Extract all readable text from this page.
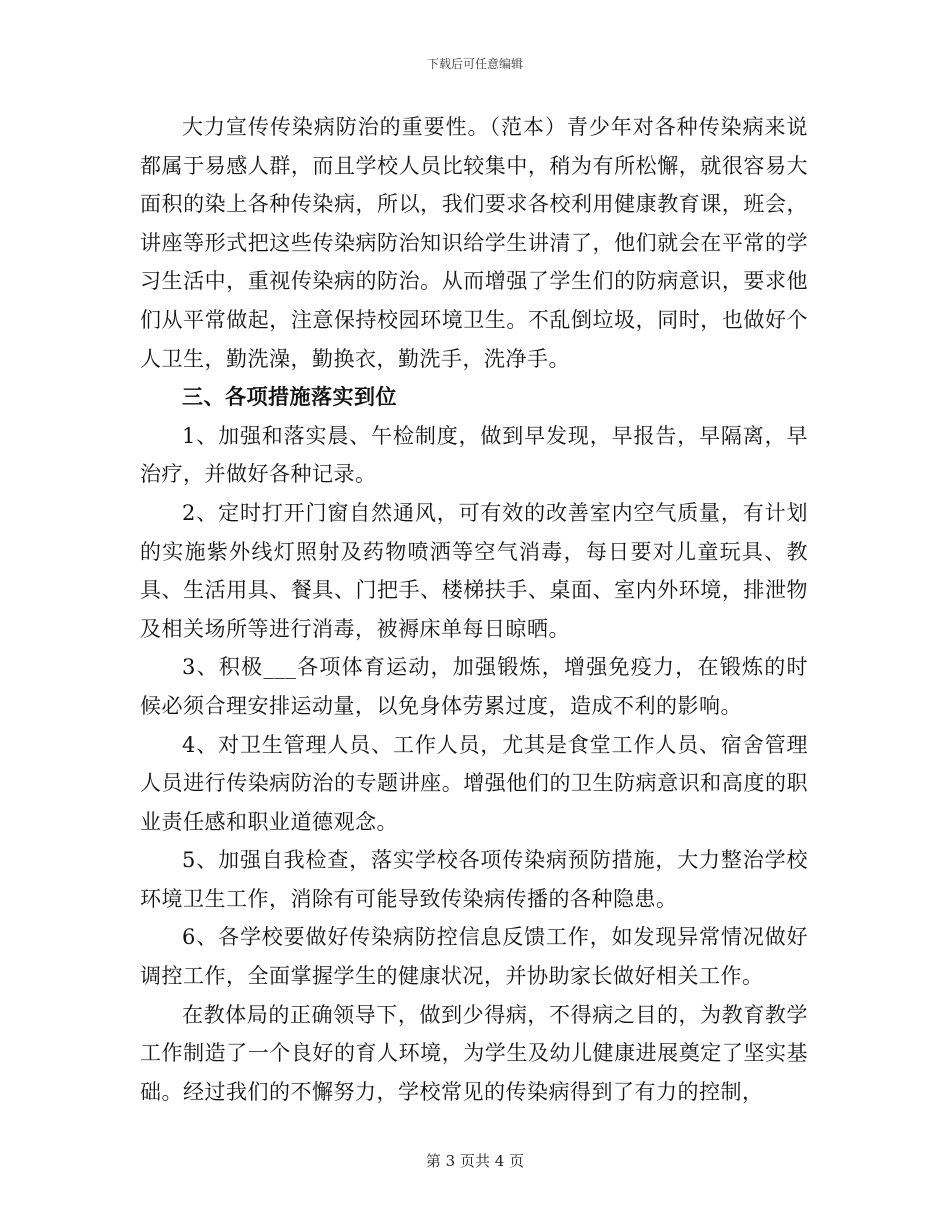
下载后可任意编辑

大力宣传传染病防治的重要性。（范本）青少年对各种传染病来说都属于易感人群，而且学校人员比较集中，稍为有所松懈，就很容易大面积的染上各种传染病，所以，我们要求各校利用健康教育课，班会，讲座等形式把这些传染病防治知识给学生讲清了，他们就会在平常的学习生活中，重视传染病的防治。从而增强了学生们的防病意识，要求他们从平常做起，注意保持校园环境卫生。不乱倒垃圾，同时，也做好个人卫生，勤洗澡，勤换衣，勤洗手，洗净手。

三、各项措施落实到位

1、加强和落实晨、午检制度，做到早发现，早报告，早隔离，早治疗，并做好各种记录。

2、定时打开门窗自然通风，可有效的改善室内空气质量，有计划的实施紫外线灯照射及药物喷洒等空气消毒，每日要对儿童玩具、教具、生活用具、餐具、门把手、楼梯扶手、桌面、室内外环境，排泄物及相关场所等进行消毒，被褥床单每日晾晒。

3、积极___各项体育运动，加强锻炼，增强免疫力，在锻炼的时候必须合理安排运动量，以免身体劳累过度，造成不利的影响。

4、对卫生管理人员、工作人员，尤其是食堂工作人员、宿舍管理人员进行传染病防治的专题讲座。增强他们的卫生防病意识和高度的职业责任感和职业道德观念。

5、加强自我检查，落实学校各项传染病预防措施，大力整治学校环境卫生工作，消除有可能导致传染病传播的各种隐患。

6、各学校要做好传染病防控信息反馈工作，如发现异常情况做好调控工作，全面掌握学生的健康状况，并协助家长做好相关工作。

在教体局的正确领导下，做到少得病，不得病之目的，为教育教学工作制造了一个良好的育人环境，为学生及幼儿健康进展奠定了坚实基础。经过我们的不懈努力，学校常见的传染病得到了有力的控制，

第 3 页共 4 页
